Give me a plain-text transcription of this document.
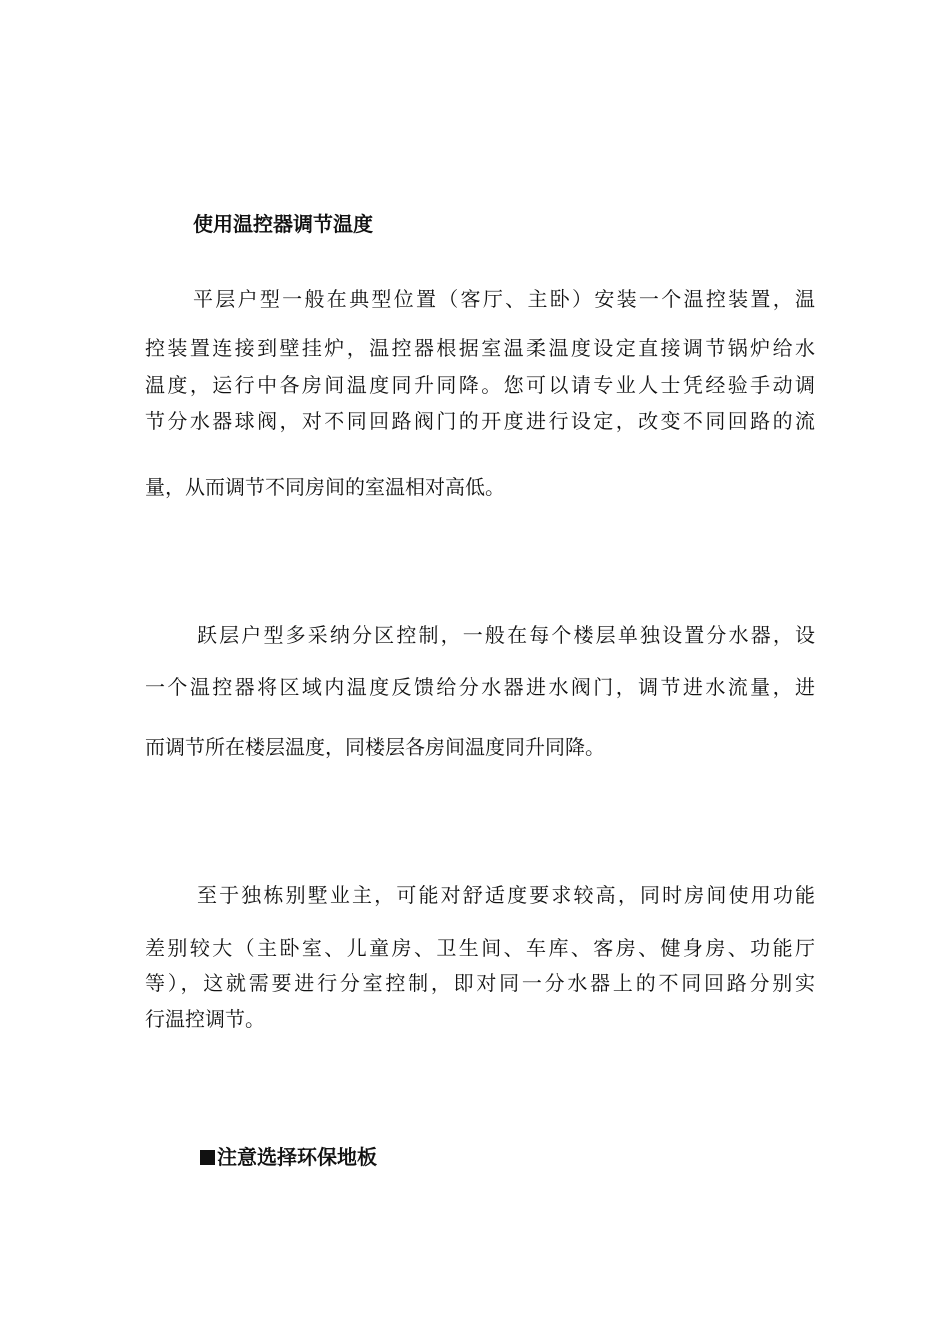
使用温控器调节温度
平层户型一般在典型位置（客厅、主卧）安装一个温控装置，温
控装置连接到壁挂炉，温控器根据室温柔温度设定直接调节锅炉给水
温度，运行中各房间温度同升同降。您可以请专业人士凭经验手动调
节分水器球阀，对不同回路阀门的开度进行设定，改变不同回路的流
量，从而调节不同房间的室温相对高低。
跃层户型多采纳分区控制，一般在每个楼层单独设置分水器，设
一个温控器将区域内温度反馈给分水器进水阀门，调节进水流量，进
而调节所在楼层温度，同楼层各房间温度同升同降。
至于独栋别墅业主，可能对舒适度要求较高，同时房间使用功能
差别较大（主卧室、儿童房、卫生间、车库、客房、健身房、功能厅
等），这就需要进行分室控制，即对同一分水器上的不同回路分别实
行温控调节。
注意选择环保地板
